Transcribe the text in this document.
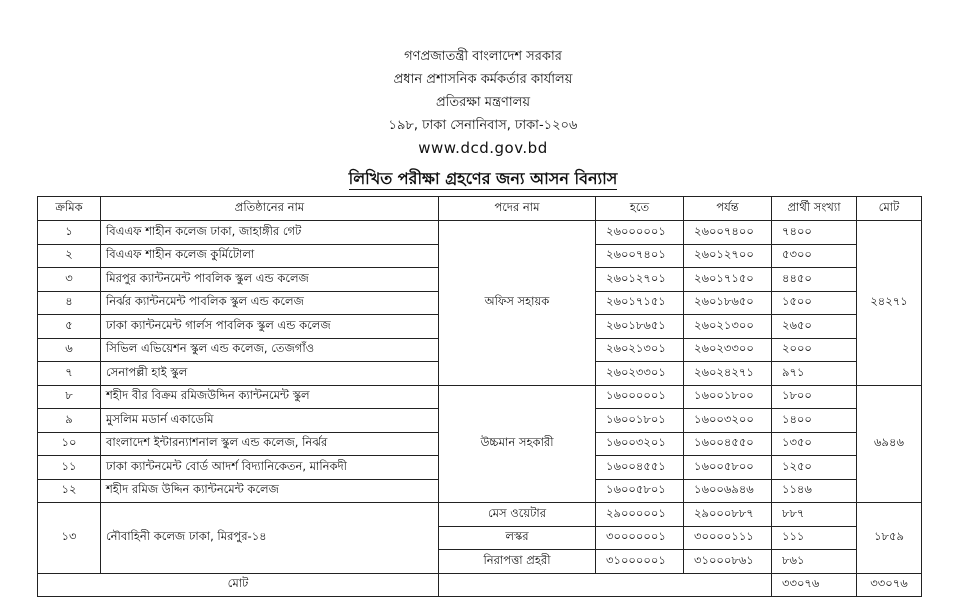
গণপ্রজাতন্ত্রী বাংলাদেশ সরকার
প্রধান প্রশাসনিক কর্মকর্তার কার্যালয়
প্রতিরক্ষা মন্ত্রণালয়
১৯৮, ঢাকা সেনানিবাস, ঢাকা-১২০৬
www.dcd.gov.bd
লিখিত পরীক্ষা গ্রহণের জন্য আসন বিন্যাস
ক্রমিক	প্রতিষ্ঠানের নাম	পদের নাম	হতে	পর্যন্ত	প্রার্থী সংখ্যা	মোট
১	বিএএফ শাহীন কলেজ ঢাকা, জাহাঙ্গীর গেট	অফিস সহায়ক	২৬০০০০০১	২৬০০৭৪০০	৭৪০০	২৪২৭১
২	বিএএফ শাহীন কলেজ কুর্মিটোলা		২৬০০৭৪০১	২৬০১২৭০০	৫৩০০	
৩	মিরপুর ক্যান্টনমেন্ট পাবলিক স্কুল এন্ড কলেজ		২৬০১২৭০১	২৬০১৭১৫০	৪৪৫০	
৪	নির্ঝর ক্যান্টনমেন্ট পাবলিক স্কুল এন্ড কলেজ		২৬০১৭১৫১	২৬০১৮৬৫০	১৫০০	
৫	ঢাকা ক্যান্টনমেন্ট গার্লস পাবলিক স্কুল এন্ড কলেজ		২৬০১৮৬৫১	২৬০২১৩০০	২৬৫০	
৬	সিভিল এভিয়েশন স্কুল এন্ড কলেজ, তেজগাঁও		২৬০২১৩০১	২৬০২৩৩০০	২০০০	
৭	সেনাপল্লী হাই স্কুল		২৬০২৩৩০১	২৬০২৪২৭১	৯৭১	
৮	শহীদ বীর বিক্রম রমিজউদ্দিন ক্যান্টনমেন্ট স্কুল	উচ্চমান সহকারী	১৬০০০০০১	১৬০০১৮০০	১৮০০	৬৯৪৬
৯	মুসলিম মডার্ন একাডেমি		১৬০০১৮০১	১৬০০৩২০০	১৪০০	
১০	বাংলাদেশ ইন্টারন্যাশনাল স্কুল এন্ড কলেজ, নির্ঝর		১৬০০৩২০১	১৬০০৪৫৫০	১৩৫০	
১১	ঢাকা ক্যান্টনমেন্ট বোর্ড আদর্শ বিদ্যানিকেতন, মানিকদী		১৬০০৪৫৫১	১৬০০৫৮০০	১২৫০	
১২	শহীদ রমিজ উদ্দিন ক্যান্টনমেন্ট কলেজ		১৬০০৫৮০১	১৬০০৬৯৪৬	১১৪৬	
১৩	নৌবাহিনী কলেজ ঢাকা, মিরপুর-১৪	মেস ওয়েটার	২৯০০০০০১	২৯০০০৮৮৭	৮৮৭	১৮৫৯
		লস্কর	৩০০০০০০১	৩০০০০১১১	১১১	
		নিরাপত্তা প্রহরী	৩১০০০০০১	৩১০০০৮৬১	৮৬১	
মোট					৩৩০৭৬	৩৩০৭৬
